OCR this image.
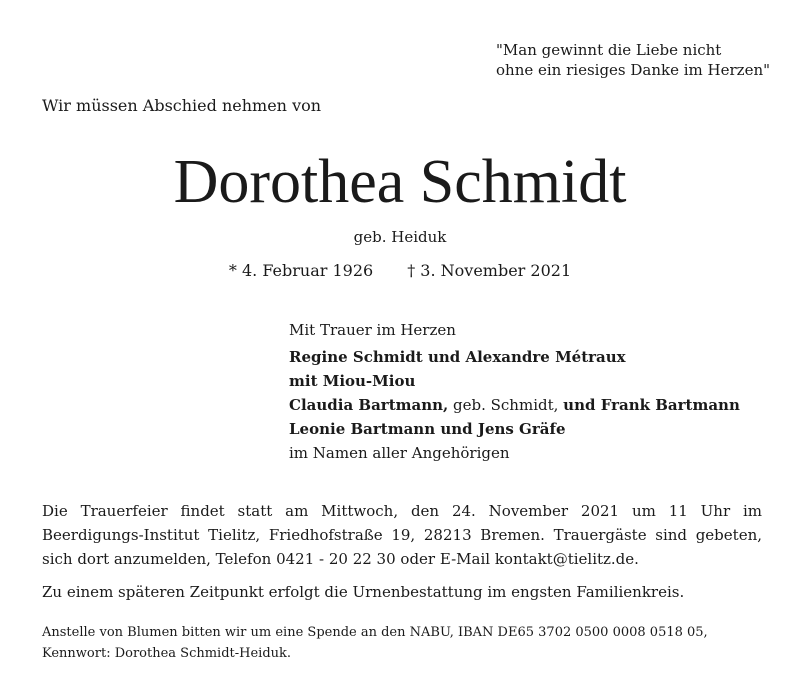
"Man gewinnt die Liebe nicht
ohne ein riesiges Danke im Herzen"
Wir müssen Abschied nehmen von
Dorothea Schmidt
geb. Heiduk
* 4. Februar 1926 † 3. November 2021
Mit Trauer im Herzen
Regine Schmidt und Alexandre Métraux
mit Miou-Miou
Claudia Bartmann, geb. Schmidt, und Frank Bartmann
Leonie Bartmann und Jens Gräfe
im Namen aller Angehörigen
Die Trauerfeier findet statt am Mittwoch, den 24. November 2021 um 11 Uhr im Beerdigungs-Institut Tielitz, Friedhofstraße 19, 28213 Bremen. Trauergäste sind gebeten, sich dort anzumelden, Telefon 0421 - 20 22 30 oder E-Mail kontakt@tielitz.de.
Zu einem späteren Zeitpunkt erfolgt die Urnenbestattung im engsten Familienkreis.
Anstelle von Blumen bitten wir um eine Spende an den NABU, IBAN DE65 3702 0500 0008 0518 05, Kennwort: Dorothea Schmidt-Heiduk.
